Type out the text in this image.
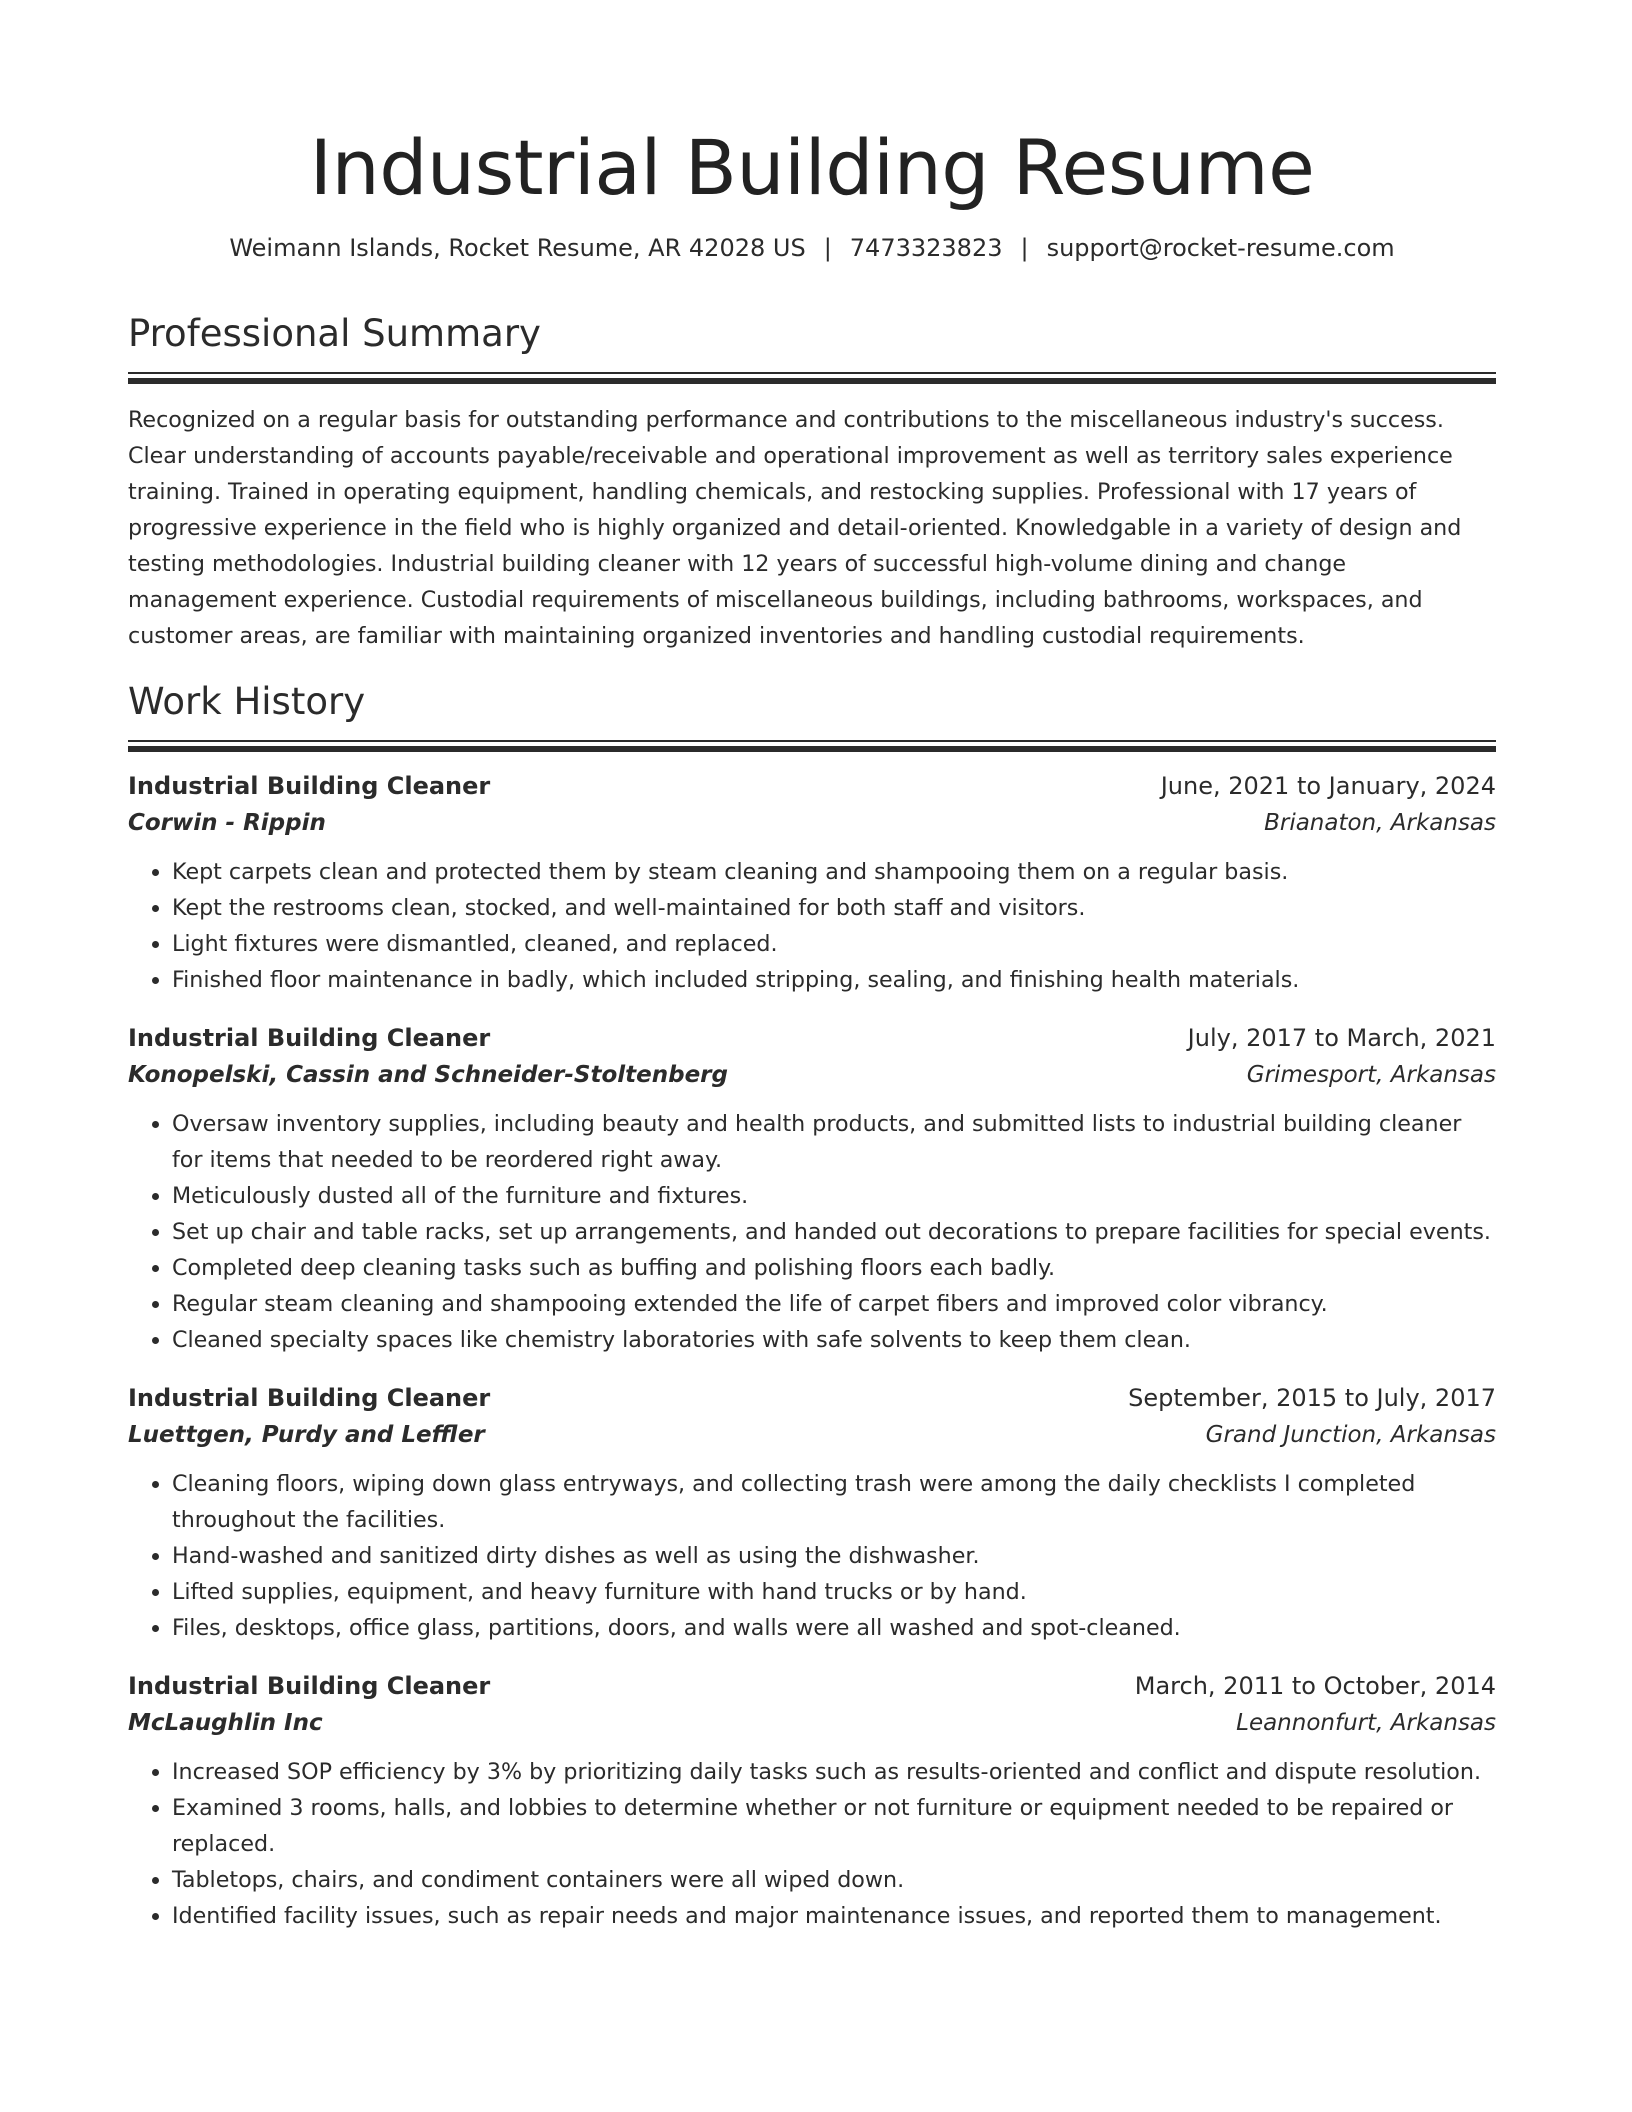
Industrial Building Resume
Weimann Islands, Rocket Resume, AR 42028 US | 7473323823 | support@rocket-resume.com
Professional Summary

Recognized on a regular basis for outstanding performance and contributions to the miscellaneous industry's success. Clear understanding of accounts payable/receivable and operational improvement as well as territory sales experience training. Trained in operating equipment, handling chemicals, and restocking supplies. Professional with 17 years of progressive experience in the field who is highly organized and detail-oriented. Knowledgable in a variety of design and testing methodologies. Industrial building cleaner with 12 years of successful high-volume dining and change management experience. Custodial requirements of miscellaneous buildings, including bathrooms, workspaces, and customer areas, are familiar with maintaining organized inventories and handling custodial requirements.

Work History
Industrial Building Cleaner	June, 2021 to January, 2024
Corwin - Rippin	Brianaton, Arkansas
• Kept carpets clean and protected them by steam cleaning and shampooing them on a regular basis.
• Kept the restrooms clean, stocked, and well-maintained for both staff and visitors.
• Light fixtures were dismantled, cleaned, and replaced.
• Finished floor maintenance in badly, which included stripping, sealing, and finishing health materials.
Industrial Building Cleaner	July, 2017 to March, 2021
Konopelski, Cassin and Schneider-Stoltenberg	Grimesport, Arkansas
• Oversaw inventory supplies, including beauty and health products, and submitted lists to industrial building cleaner for items that needed to be reordered right away.
• Meticulously dusted all of the furniture and fixtures.
• Set up chair and table racks, set up arrangements, and handed out decorations to prepare facilities for special events.
• Completed deep cleaning tasks such as buffing and polishing floors each badly.
• Regular steam cleaning and shampooing extended the life of carpet fibers and improved color vibrancy.
• Cleaned specialty spaces like chemistry laboratories with safe solvents to keep them clean.
Industrial Building Cleaner	September, 2015 to July, 2017
Luettgen, Purdy and Leffler	Grand Junction, Arkansas
• Cleaning floors, wiping down glass entryways, and collecting trash were among the daily checklists I completed throughout the facilities.
• Hand-washed and sanitized dirty dishes as well as using the dishwasher.
• Lifted supplies, equipment, and heavy furniture with hand trucks or by hand.
• Files, desktops, office glass, partitions, doors, and walls were all washed and spot-cleaned.
Industrial Building Cleaner	March, 2011 to October, 2014
McLaughlin Inc	Leannonfurt, Arkansas
• Increased SOP efficiency by 3% by prioritizing daily tasks such as results-oriented and conflict and dispute resolution.
• Examined 3 rooms, halls, and lobbies to determine whether or not furniture or equipment needed to be repaired or replaced.
• Tabletops, chairs, and condiment containers were all wiped down.
• Identified facility issues, such as repair needs and major maintenance issues, and reported them to management.
